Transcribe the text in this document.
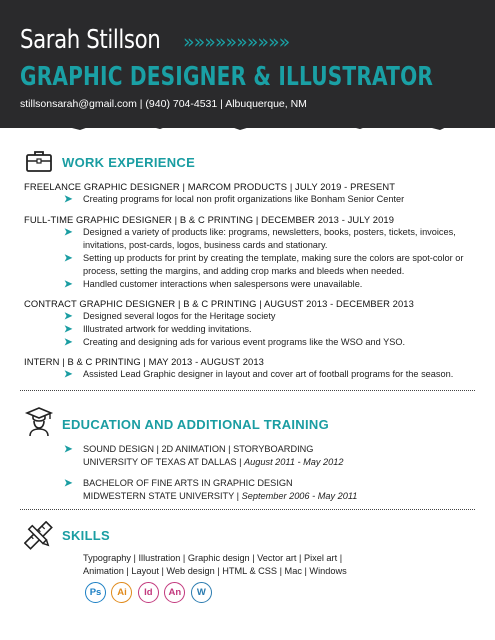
Sarah Stillson »»»»»»»»»»
GRAPHIC DESIGNER & ILLUSTRATOR
stillsonsarah@gmail.com | (940) 704-4531 | Albuquerque, NM
WORK EXPERIENCE
FREELANCE GRAPHIC DESIGNER | MARCOM PRODUCTS | JULY 2019 - PRESENT
➤ Creating programs for local non profit organizations like Bonham Senior Center
FULL-TIME GRAPHIC DESIGNER | B & C PRINTING | DECEMBER 2013 - JULY 2019
➤ Designed a variety of products like: programs, newsletters, books, posters, tickets, invoices, invitations, post-cards, logos, business cards and stationary.
➤ Setting up products for print by creating the template, making sure the colors are spot-color or process, setting the margins, and adding crop marks and bleeds when needed.
➤ Handled customer interactions when salespersons were unavailable.
CONTRACT GRAPHIC DESIGNER | B & C PRINTING | AUGUST 2013 - DECEMBER 2013
➤ Designed several logos for the Heritage society
➤ Illustrated artwork for wedding invitations.
➤ Creating and designing ads for various event programs like the WSO and YSO.
INTERN | B & C PRINTING | MAY 2013 - AUGUST 2013
➤ Assisted Lead Graphic designer in layout and cover art of football programs for the season.
EDUCATION AND ADDITIONAL TRAINING
➤	SOUND DESIGN | 2D ANIMATION | STORYBOARDING
UNIVERSITY OF TEXAS AT DALLAS | August 2011 - May 2012
➤	BACHELOR OF FINE ARTS IN GRAPHIC DESIGN
MIDWESTERN STATE UNIVERSITY | September 2006 - May 2011
SKILLS
Typography | Illustration | Graphic design | Vector art | Pixel art |
Animation | Layout | Web design | HTML & CSS | Mac | Windows
Ps Ai Id An W
